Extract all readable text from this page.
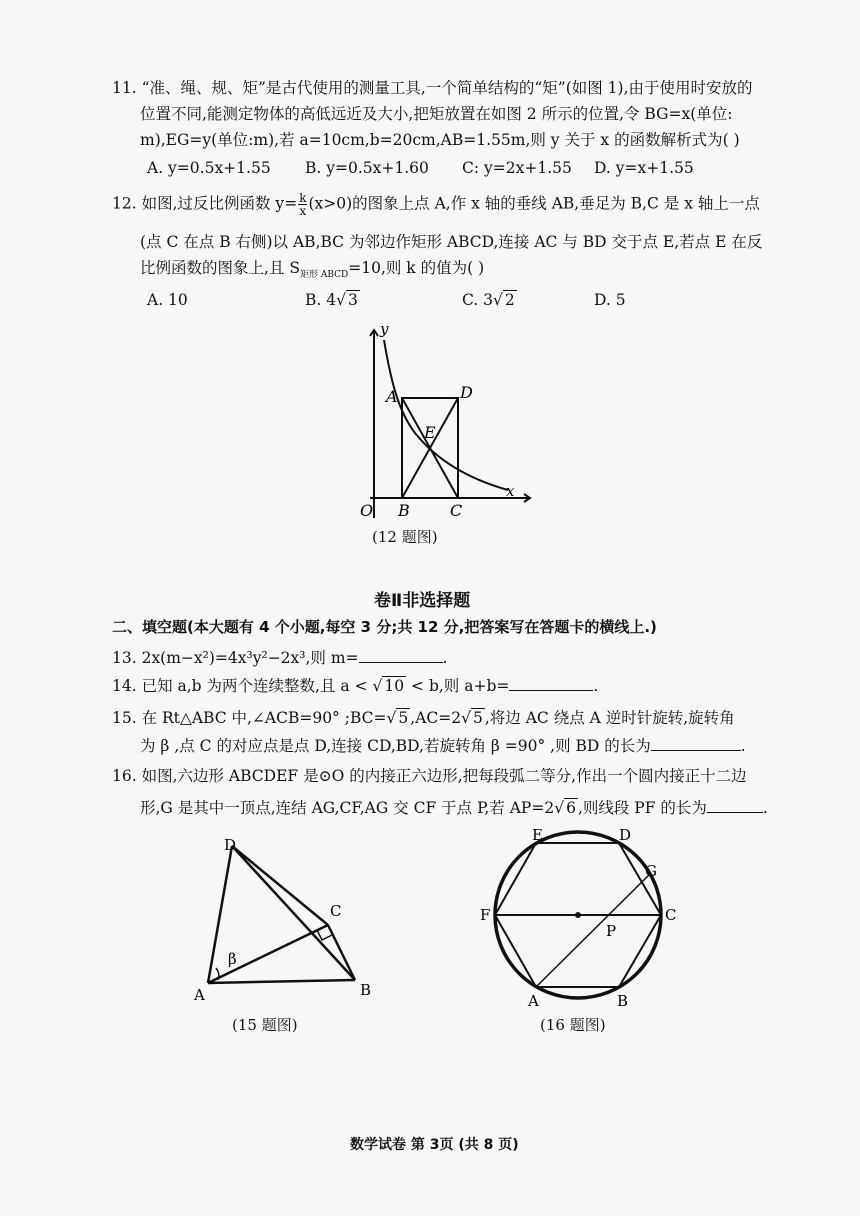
11. “准、绳、规、矩”是古代使用的测量工具,一个简单结构的“矩”(如图 1),由于使用时安放的
位置不同,能测定物体的高低远近及大小,把矩放置在如图 2 所示的位置,令 BG=x(单位:
m),EG=y(单位:m),若 a=10cm,b=20cm,AB=1.55m,则 y 关于 x 的函数解析式为( )
A. y=0.5x+1.55 B. y=0.5x+1.60 C: y=2x+1.55 D. y=x+1.55
12. 如图,过反比例函数 $y= \frac{k}{x} (x>0)$的图象上点 A,作 x 轴的垂线 AB,垂足为 B,C 是 x 轴上一点
(点 C 在点 B 右侧)以 AB,BC 为邻边作矩形 ABCD,连接 AC 与 BD 交于点 E,若点 E 在反
比例函数的图象上,且 $S_{矩形 ABCD}=10$,则 k 的值为( )
A. 10	B. 4√ 3	C. 3√ 2	D. 5
y
x
O
A
B	C
D
E
(12 题图)
卷Ⅱ非选择题
二、填空题(本大题有 4 个小题,每空 3 分;共 12 分,把答案写在答题卡的横线上.)
13. 2x(m−x²)=4x³y²−2x³,则 m=	.
14. 已知 a,b 为两个连续整数,且 a < √ 10 < b,则 a+b=	.
15. 在 Rt△ABC 中,∠ACB=90° ;BC=√ 5 ,AC=2√ 5 ,将边 AC 绕点 A 逆时针旋转,旋转角
为 β ,点 C 的对应点是点 D,连接 CD,BD,若旋转角 β =90° ,则 BD 的长为	.
16. 如图,六边形 ABCDEF 是⊙O 的内接正六边形,把每段弧二等分,作出一个圆内接正十二边
形,G 是其中一顶点,连结 AG,CF,AG 交 CF 于点 P,若 AP=2√ 6 ,则线段 PF 的长为	.
D
C
A	B
β
(15 题图)
E	D
G
F	C
P
A	B
(16 题图)
数学试卷 第 3页 (共 8 页)
